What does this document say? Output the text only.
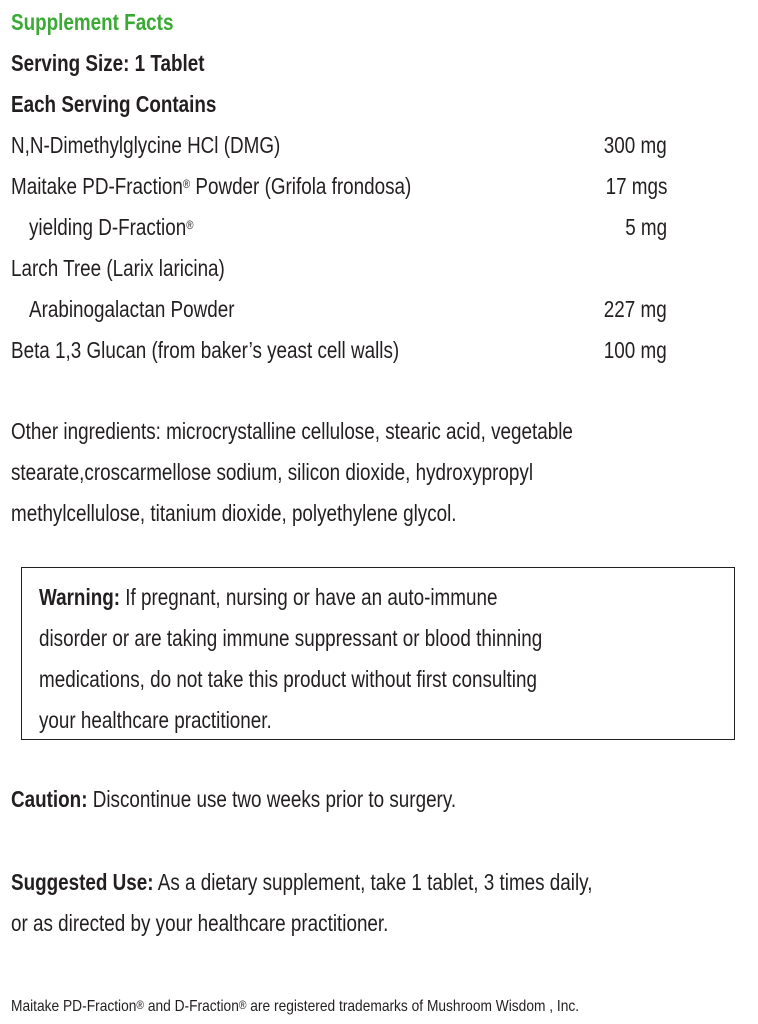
Supplement Facts
Serving Size: 1 Tablet
Each Serving Contains
N,N-Dimethylglycine HCl (DMG)	300 mg
Maitake PD-Fraction® Powder (Grifola frondosa)	17 mgs
yielding D-Fraction®	5 mg
Larch Tree (Larix laricina)
Arabinogalactan Powder	227 mg
Beta 1,3 Glucan (from baker’s yeast cell walls)	100 mg
Other ingredients: microcrystalline cellulose, stearic acid, vegetable
stearate,croscarmellose sodium, silicon dioxide, hydroxypropyl
methylcellulose, titanium dioxide, polyethylene glycol.
Warning: If pregnant, nursing or have an auto-immune
disorder or are taking immune suppressant or blood thinning
medications, do not take this product without first consulting
your healthcare practitioner.
Caution: Discontinue use two weeks prior to surgery.
Suggested Use: As a dietary supplement, take 1 tablet, 3 times daily,
or as directed by your healthcare practitioner.
Maitake PD-Fraction® and D-Fraction® are registered trademarks of Mushroom Wisdom , Inc.
